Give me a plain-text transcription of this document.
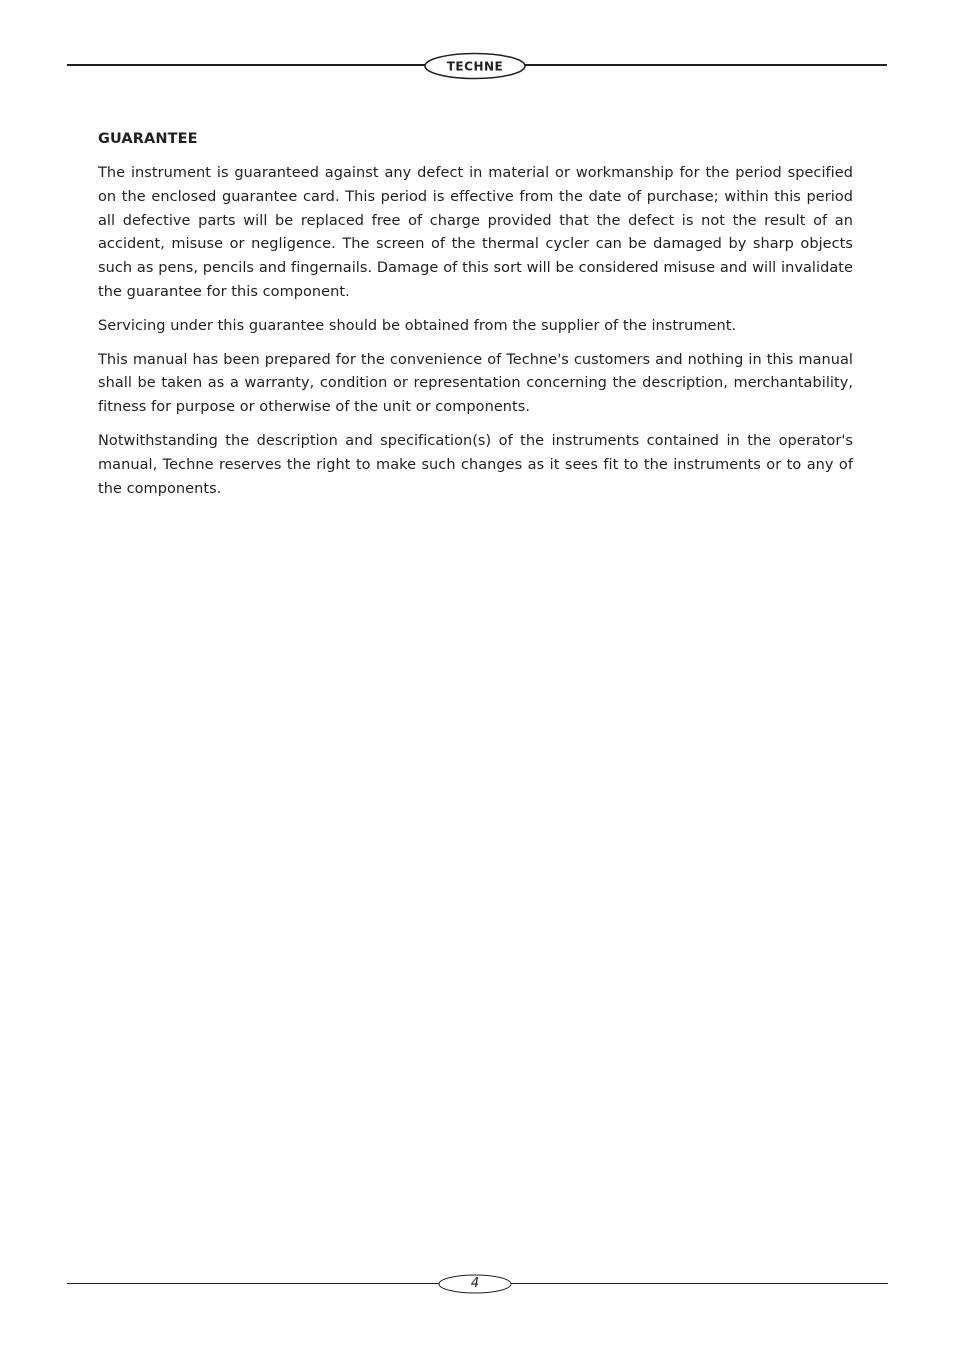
TECHNE
GUARANTEE

The instrument is guaranteed against any defect in material or workmanship for the period specified on the enclosed guarantee card. This period is effective from the date of purchase; within this period all defective parts will be replaced free of charge provided that the defect is not the result of an accident, misuse or negligence. The screen of the thermal cycler can be damaged by sharp objects such as pens, pencils and fingernails. Damage of this sort will be considered misuse and will invalidate the guarantee for this component.

Servicing under this guarantee should be obtained from the supplier of the instrument.

This manual has been prepared for the convenience of Techne's customers and nothing in this manual shall be taken as a warranty, condition or representation concerning the description, merchantability, fitness for purpose or otherwise of the unit or components.

Notwithstanding the description and specification(s) of the instruments contained in the operator's manual, Techne reserves the right to make such changes as it sees fit to the instruments or to any of the components.

4
